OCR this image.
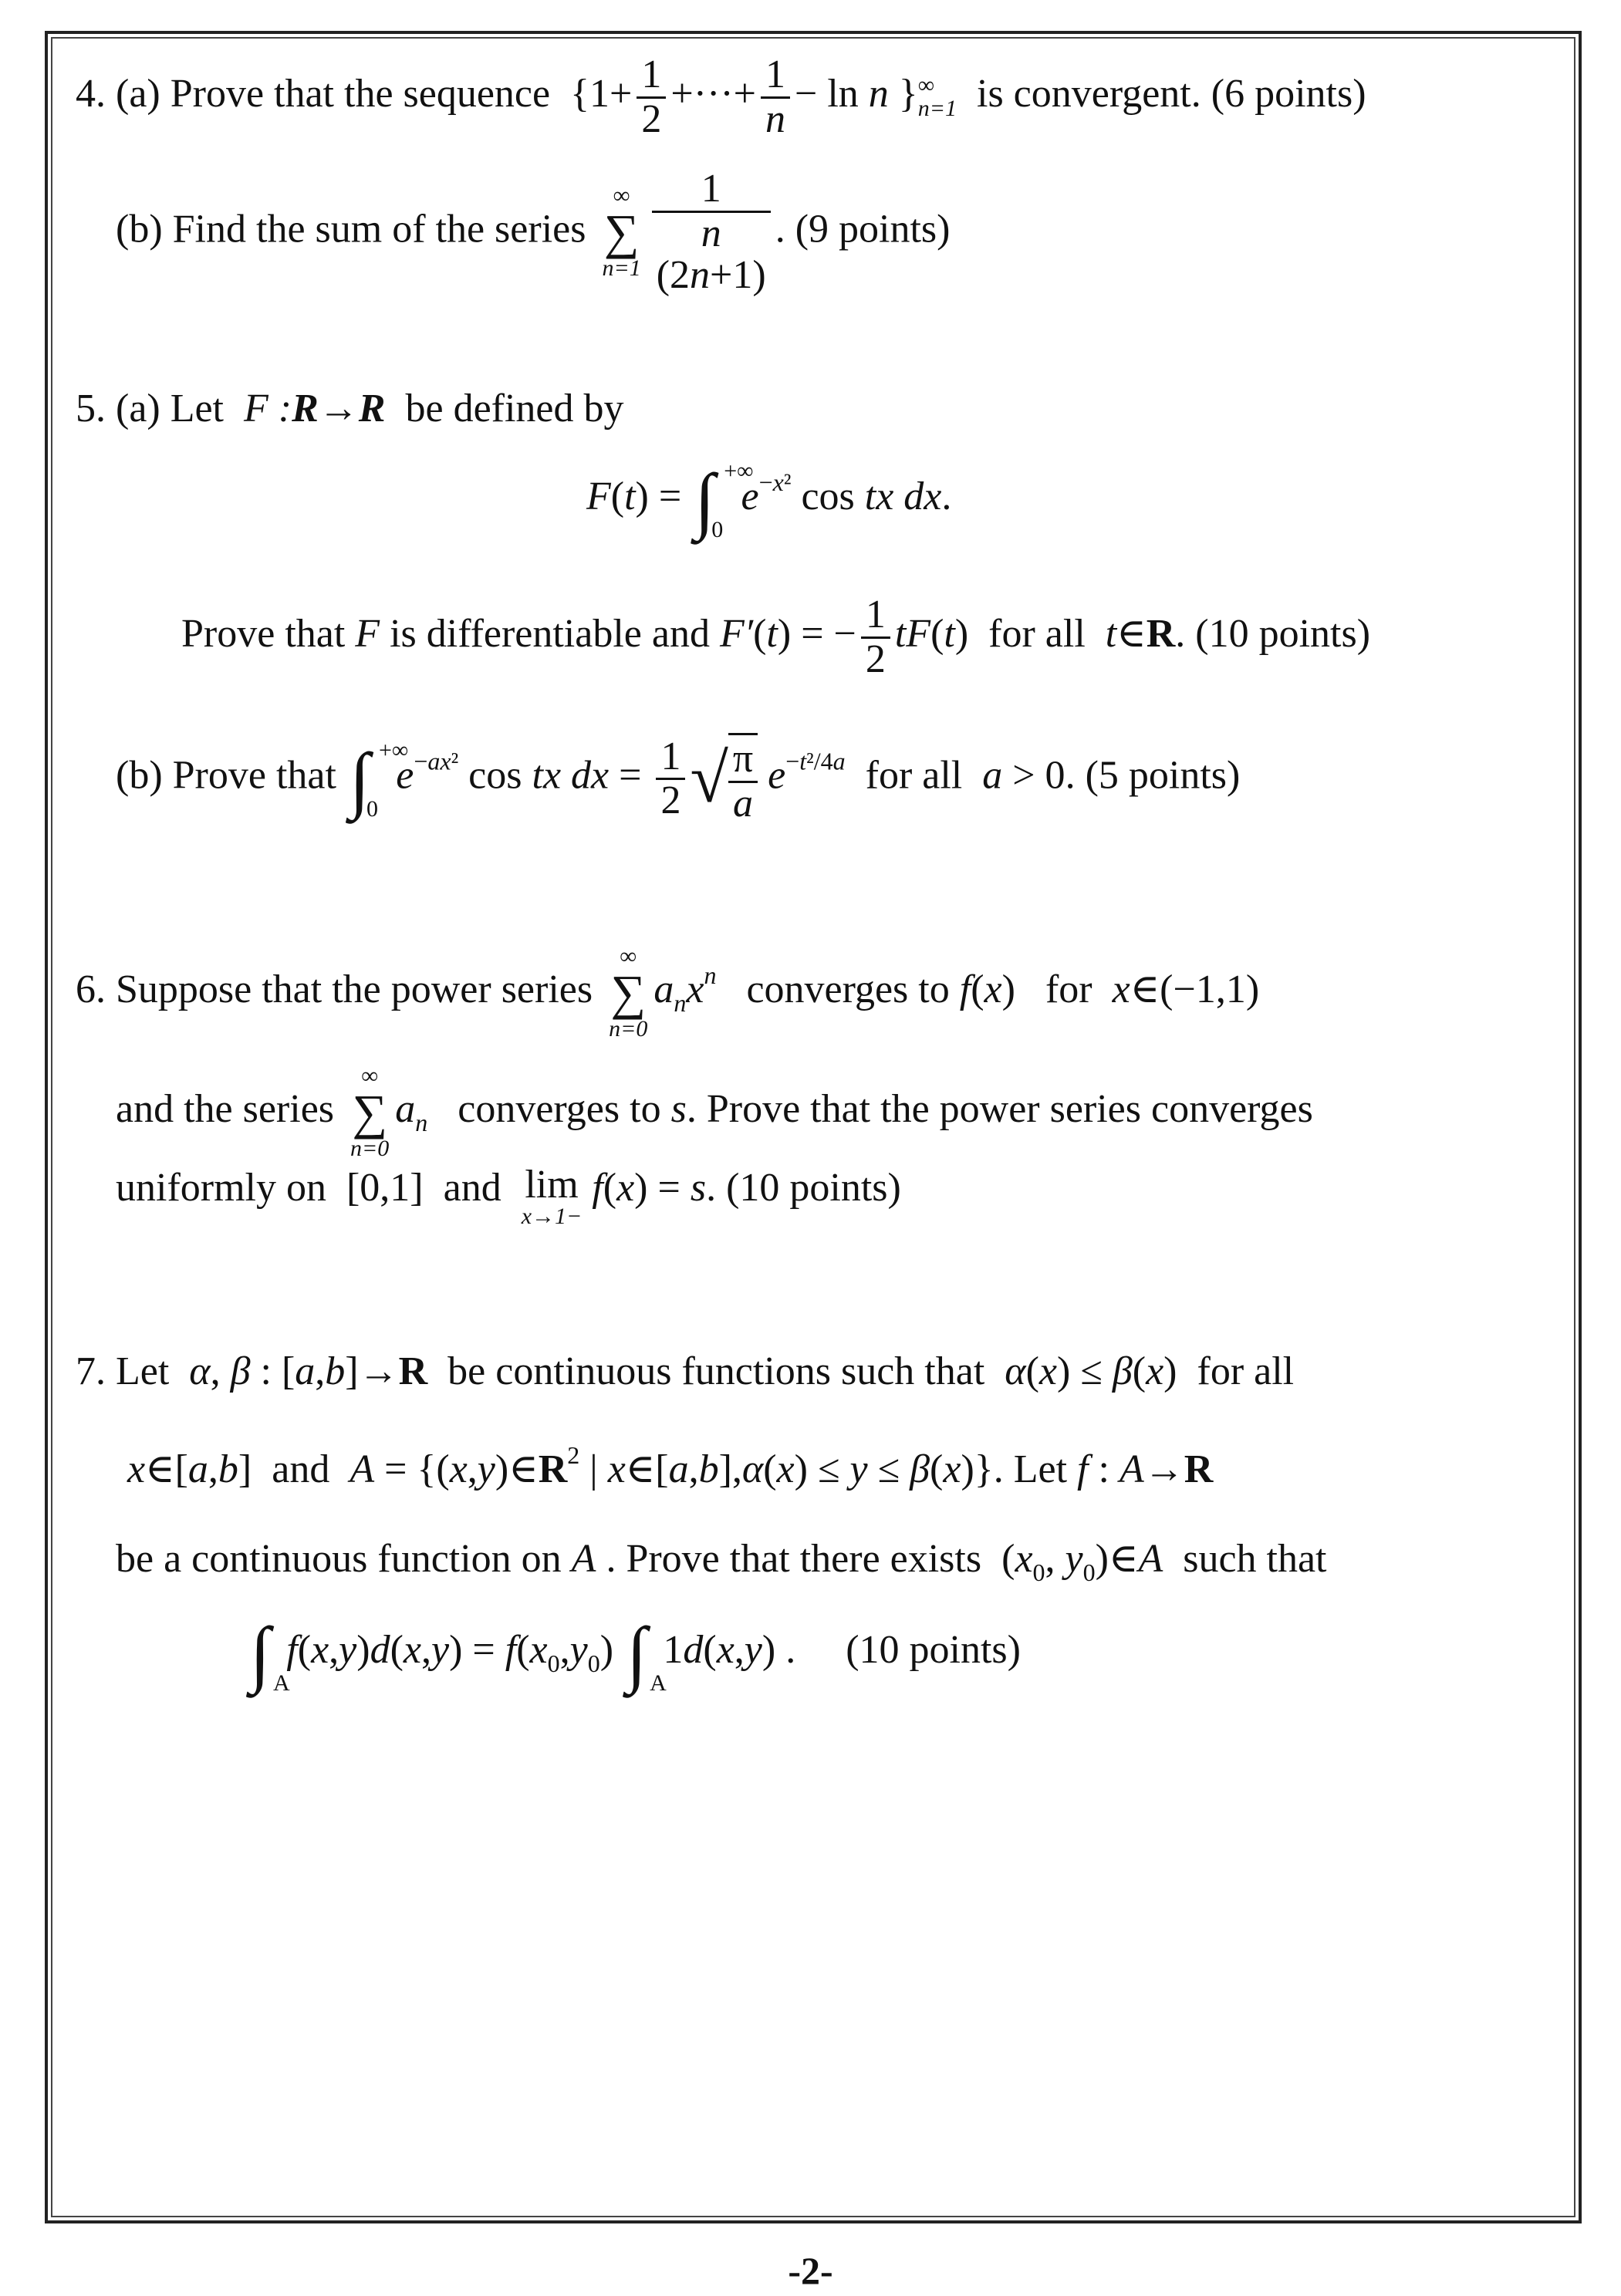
4. (a) Prove that the sequence  {$1+ \frac{1}{2}$ +···+ $\frac{1}{n} - \ln n$ } ∞
n=1 is convergent. (6 points)
(b) Find the sum of the series
∞
∑
n=1
1
n
(2n+1). (9 points)
5. (a) Let  F :R→R be defined by
F(t) = ∫ +∞
0
$e^{-x^2}$ cos tx dx.
Prove that F is differentiable and F′(t) = − $\frac{1}{2} tF(t)$  for all t∈R. (10 points)
(b) Prove that ∫ +∞
0
$e^{-ax^2}$ cos tx dx = $\frac{1}{2}$ √ $\frac{\pi}{a} e^{-t^2/4a}$ for all a > 0. (5 points)
6. Suppose that the power series
∞
∑
n=0
$a_nx^n$ converges to f(x)   for x∈(−1,1)
and the series
∞
∑
n=0
$a_n$ converges to s. Prove that the power series converges
uniformly on  [0,1]  and lim
x→1−
f(x) = s. (10 points)
7. Let α, β : [a,b]→R be continuous functions such that α(x) ≤ β(x)  for all
x∈[a,b]  and $A = \{(x,y)\in R^2$ | x∈[a,b],α(x) ≤ y ≤ β(x)}. Let f : A→R
be a continuous function on A . Prove that there exists  ($x_0$, $y_0)\in A$ such that
∫ A
$f(x,y)d(x,y) = f(x_0,y_0)$ ∫ A
1d(x,y) .     (10 points)
-2-
